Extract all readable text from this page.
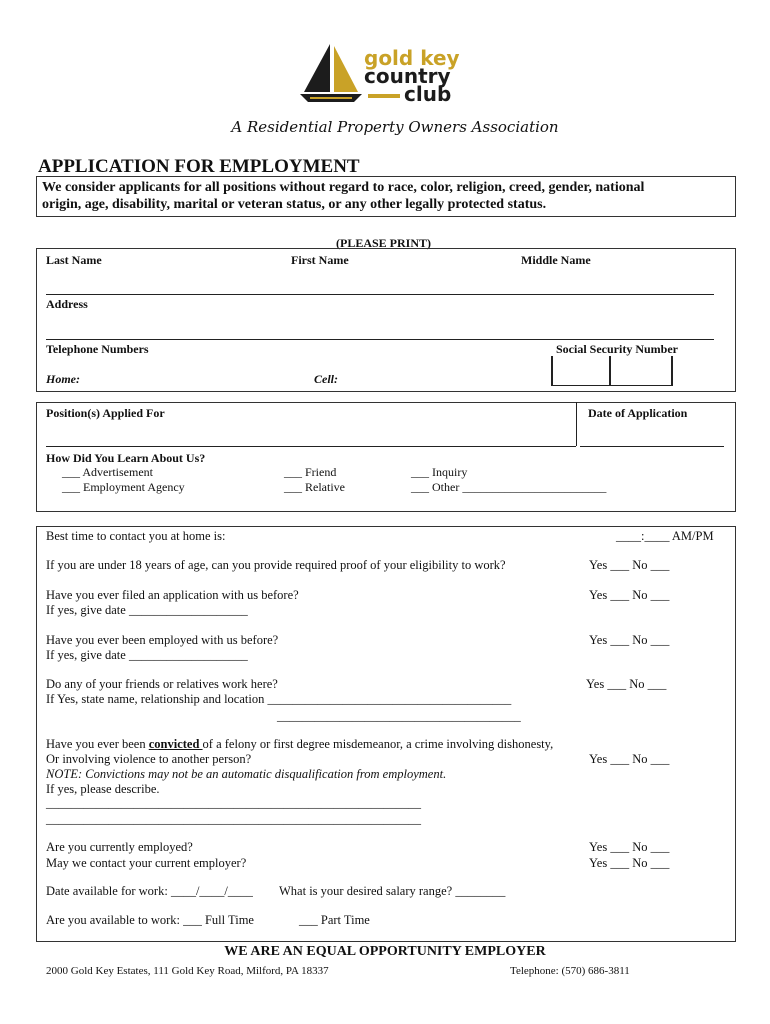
gold key
country
club
A Residential Property Owners Association
APPLICATION FOR EMPLOYMENT
We consider applicants for all positions without regard to race, color, religion, creed, gender, national
origin, age, disability, marital or veteran status, or any other legally protected status.
(PLEASE PRINT)
Last Name	First Name	Middle Name
Address
Telephone Numbers	Social Security Number
Home:	Cell:
Position(s) Applied For	Date of Application
How Did You Learn About Us?
___ Advertisement
___ Employment Agency
___ Friend
___ Relative
___ Inquiry
___ Other ________________________
Best time to contact you at home is:	____:____ AM/PM
If you are under 18 years of age, can you provide required proof of your eligibility to work?	Yes ___ No ___
Have you ever filed an application with us before?	Yes ___ No ___
If yes, give date ___________________
Have you ever been employed with us before?	Yes ___ No ___
If yes, give date ___________________
Do any of your friends or relatives work here?	Yes ___ No ___
If Yes, state name, relationship and location _______________________________________
_______________________________________
Have you ever been convicted of a felony or first degree misdemeanor, a crime involving dishonesty,
Or involving violence to another person?	Yes ___ No ___
NOTE: Convictions may not be an automatic disqualification from employment.
If yes, please describe.
____________________________________________________________
____________________________________________________________
Are you currently employed?	Yes ___ No ___
May we contact your current employer?	Yes ___ No ___
Date available for work: ____/____/____ What is your desired salary range? ________
Are you available to work: ___ Full Time	___ Part Time
WE ARE AN EQUAL OPPORTUNITY EMPLOYER
2000 Gold Key Estates, 111 Gold Key Road, Milford, PA 18337	Telephone: (570) 686-3811
